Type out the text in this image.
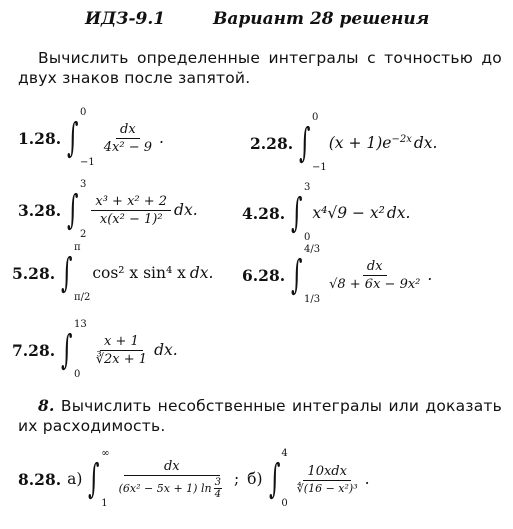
ИДЗ-9.1	Вариант 28 решения
Вычислить определенные интегралы с точностью до двух знаков после запятой.
1.28. ∫
0
−1
$\frac{dx}{\text{4x² − 9}}$ .	2.28. ∫
0
−1
$(x + 1)e^{-2x}$ dx.
3.28. ∫
3
2
$\frac{\text{x³ + x² + 2}}{\text{x(x² − 1)²}}$ dx.	4.28. ∫
3
0
x⁴√9 − x² dx.
5.28. ∫
π
π/2
cos² x sin⁴ x dx. 6.28. ∫
4/3
1/3
$\frac{dx}{\text{√8 + 6x − 9x²}}$ .
7.28. ∫
13
0
$\frac{x + 1}{∛2x + 1}$ dx.
8. Вычислить несобственные интегралы или доказать их расходимость.
8.28. а) ∫
∞
1
$\frac{dx}{(6x^2 - 5x + 1) \ln \frac{3}{4}}$ ; б) ∫
4
0
$\frac{\text{10xdx}}{\text{∜(16 − x²)³}}$ .
